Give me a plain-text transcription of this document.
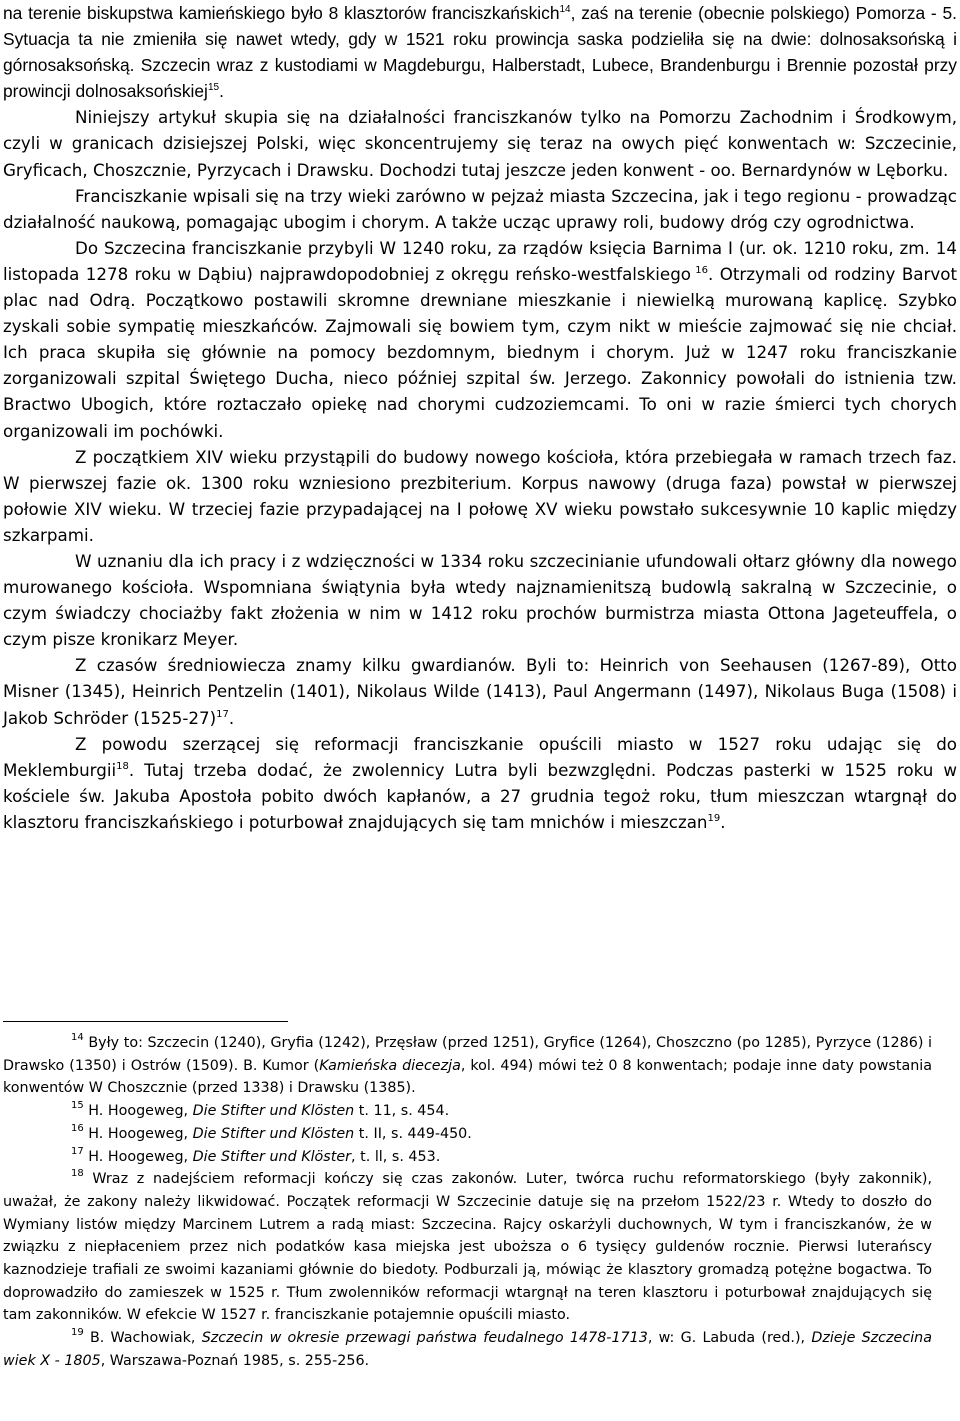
na terenie biskupstwa kamieńskiego było 8 klasztorów franciszkańskich$^{14}$, zaś na terenie (obecnie polskiego) Pomorza - 5. Sytuacja ta nie zmieniła się nawet wtedy, gdy w 1521 roku prowincja saska podzieliła się na dwie: dolnosaksońską i górnosaksońską. Szczecin wraz z kustodiami w Magdeburgu, Halberstadt, Lubece, Brandenburgu i Brennie pozostał przy prowincji dolnosaksońskiej$^{15}$.

Niniejszy artykuł skupia się na działalności franciszkanów tylko na Pomorzu Zachodnim i Środkowym, czyli w granicach dzisiejszej Polski, więc skoncentrujemy się teraz na owych pięć konwentach w: Szczecinie, Gryficach, Choszcznie, Pyrzycach i Drawsku. Dochodzi tutaj jeszcze jeden konwent - oo. Bernardynów w Lęborku.

Franciszkanie wpisali się na trzy wieki zarówno w pejzaż miasta Szczecina, jak i tego regionu - prowadząc działalność naukową, pomagając ubogim i chorym. A także ucząc uprawy roli, budowy dróg czy ogrodnictwa.

Do Szczecina franciszkanie przybyli W 1240 roku, za rządów księcia Barnima I (ur. ok. 1210 roku, zm. 14 listopada 1278 roku w Dąbiu) najprawdopodobniej z okręgu reńsko-westfalskiego $^{16}$. Otrzymali od rodziny Barvot plac nad Odrą. Początkowo postawili skromne drewniane mieszkanie i niewielką murowaną kaplicę. Szybko zyskali sobie sympatię mieszkańców. Zajmowali się bowiem tym, czym nikt w mieście zajmować się nie chciał. Ich praca skupiła się głównie na pomocy bezdomnym, biednym i chorym. Już w 1247 roku franciszkanie zorganizowali szpital Świętego Ducha, nieco później szpital św. Jerzego. Zakonnicy powołali do istnienia tzw. Bractwo Ubogich, które roztaczało opiekę nad chorymi cudzoziemcami. To oni w razie śmierci tych chorych organizowali im pochówki.

Z początkiem XIV wieku przystąpili do budowy nowego kościoła, która przebiegała w ramach trzech faz. W pierwszej fazie ok. 1300 roku wzniesiono prezbiterium. Korpus nawowy (druga faza) powstał w pierwszej połowie XIV wieku. W trzeciej fazie przypadającej na I połowę XV wieku powstało sukcesywnie 10 kaplic między szkarpami.

W uznaniu dla ich pracy i z wdzięczności w 1334 roku szczecinianie ufundowali ołtarz główny dla nowego murowanego kościoła. Wspomniana świątynia była wtedy najznamienitszą budowlą sakralną w Szczecinie, o czym świadczy chociażby fakt złożenia w nim w 1412 roku prochów burmistrza miasta Ottona Jageteuffela, o czym pisze kronikarz Meyer.

Z czasów średniowiecza znamy kilku gwardianów. Byli to: Heinrich von Seehausen (1267-89), Otto Misner (1345), Heinrich Pentzelin (1401), Nikolaus Wilde (1413), Paul Angermann (1497), Nikolaus Buga (1508) i Jakob Schröder (1525-27)$^{17}$.

Z powodu szerzącej się reformacji franciszkanie opuścili miasto w 1527 roku udając się do Meklemburgii$^{18}$. Tutaj trzeba dodać, że zwolennicy Lutra byli bezwzględni. Podczas pasterki w 1525 roku w kościele św. Jakuba Apostoła pobito dwóch kapłanów, a 27 grudnia tegoż roku, tłum mieszczan wtargnął do klasztoru franciszkańskiego i poturbował znajdujących się tam mnichów i mieszczan$^{19}$.

$^{14}$ Były to: Szczecin (1240), Gryfia (1242), Przęsław (przed 1251), Gryfice (1264), Choszczno (po 1285), Pyrzyce (1286) i Drawsko (1350) i Ostrów (1509). B. Kumor (Kamieńska diecezja, kol. 494) mówi też 0 8 konwentach; podaje inne daty powstania konwentów W Choszcznie (przed 1338) i Drawsku (1385).

$^{15}$ H. Hoogeweg, Die Stifter und Klösten t. 11, s. 454.

$^{16}$ H. Hoogeweg, Die Stifter und Klösten t. II, s. 449-450.

$^{17}$ H. Hoogeweg, Die Stifter und Klöster, t. ll, s. 453.

$^{18}$ Wraz z nadejściem reformacji kończy się czas zakonów. Luter, twórca ruchu reformatorskiego (były zakonnik), uważał, że zakony należy likwidować. Początek reformacji W Szczecinie datuje się na przełom 1522/23 r. Wtedy to doszło do Wymiany listów między Marcinem Lutrem a radą miast: Szczecina. Rajcy oskarżyli duchownych, W tym i franciszkanów, że w związku z niepłaceniem przez nich podatków kasa miejska jest uboższa o 6 tysięcy guldenów rocznie. Pierwsi luterańscy kaznodzieje trafiali ze swoimi kazaniami głównie do biedoty. Podburzali ją, mówiąc że klasztory gromadzą potężne bogactwa. To doprowadziło do zamieszek w 1525 r. Tłum zwolenników reformacji wtargnął na teren klasztoru i poturbował znajdujących się tam zakonników. W efekcie W 1527 r. franciszkanie potajemnie opuścili miasto.

$^{19}$ B. Wachowiak, Szczecin w okresie przewagi państwa feudalnego 1478-1713, w: G. Labuda (red.), Dzieje Szczecina wiek X - 1805, Warszawa-Poznań 1985, s. 255-256.
